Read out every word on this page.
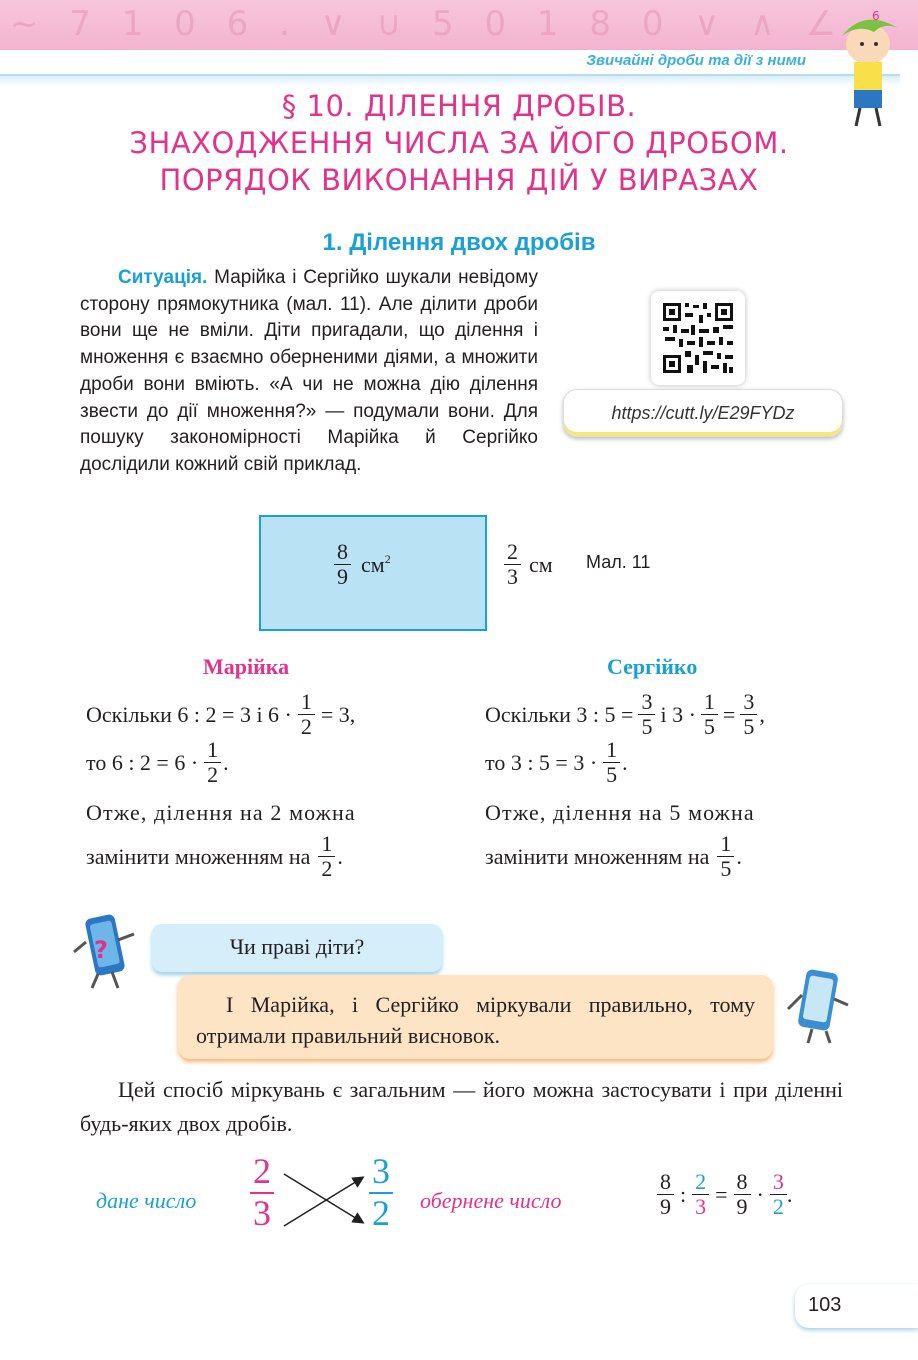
~ 7 1 0 6 . ∨ ∪ 5 0 1 8 0 ∨ ∧ ∠
Звичайні дроби та дії з ними
6
§ 10. ДІЛЕННЯ ДРОБІВ.
ЗНАХОДЖЕННЯ ЧИСЛА ЗА ЙОГО ДРОБОМ.
ПОРЯДОК ВИКОНАННЯ ДІЙ У ВИРАЗАХ
1. Ділення двох дробів
Ситуація. Марійка і Сергійко шукали невідому сторону прямокутника (мал. 11). Але ділити дроби вони ще не вміли. Діти пригадали, що ділення і множення є взаємно оберненими діями, а множити дроби вони вміють. «А чи не можна дію ділення звести до дії множення?» — подумали вони. Для пошуку закономірності Марійка й Сергійко дослідили кожний свій приклад.
https://cutt.ly/E29FYDz
$\frac{8}{9} см^2$	$\frac{2}{3}$ см Мал. 11
Марійка
Оскільки 6 : 2 = 3 і $6 \cdot \frac{1}{2} = 3$,
то 6 : $2 = 6 \cdot \frac{1}{2}$ .
Отже, ділення на 2 можна
замінити множенням на $\frac{1}{2}$ .
Сергійко
Оскільки 3 : $5 = \frac{3}{5}$ і $3 \cdot \frac{1}{5} = \frac{3}{5}$ ,
то 3 : $5 = 3 \cdot \frac{1}{5}$ .
Отже, ділення на 5 можна
замінити множенням на $\frac{1}{5}$ .
?	Чи праві діти?
І Марійка, і Сергійко міркували правильно, тому отримали правильний висновок.
Цей спосіб міркувань є загальним — його можна застосувати і при діленні будь-яких двох дробів.
дане число $\frac{2}{3}$	$\frac{3}{2}$ обернене число	$\frac{8}{9}$ : $\frac{2}{3} = \frac{8}{9} \cdot \frac{3}{2}$ .
103
